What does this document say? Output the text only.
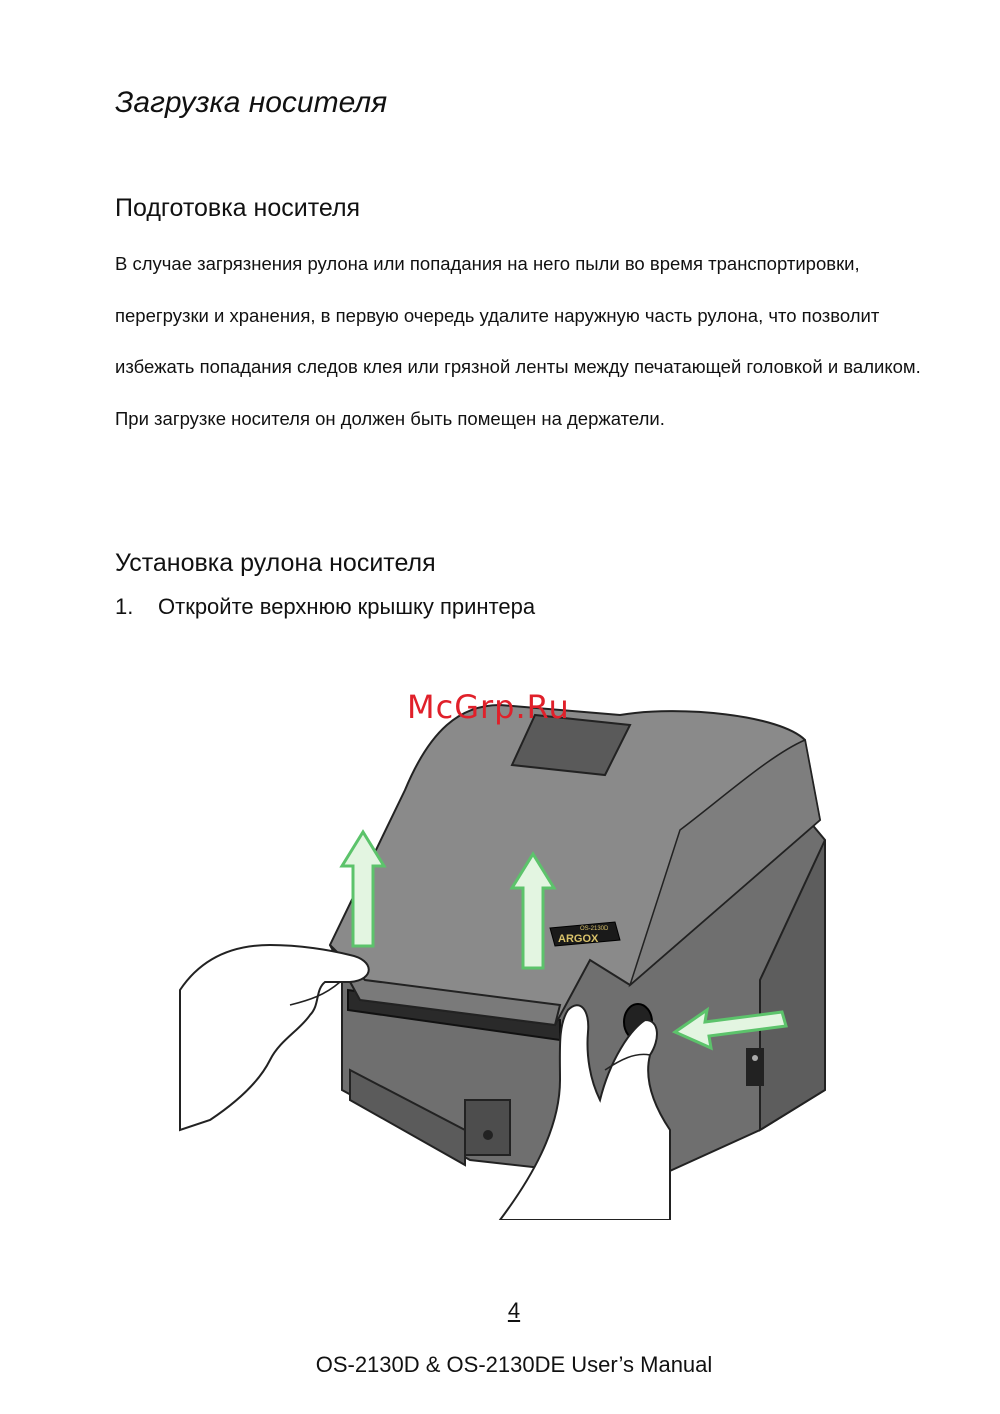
Загрузка носителя
Подготовка носителя

В случае загрязнения рулона или попадания на него пыли во время транспортировки, перегрузки и хранения, в первую очередь удалите наружную часть рулона, что позволит избежать попадания следов клея или грязной ленты между печатающей головкой и валиком. При загрузке носителя он должен быть помещен на держатели.

Установка рулона носителя

1. Откройте верхнюю крышку принтера

ARGOX
OS-2130D
McGrp.Ru
4
OS-2130D & OS-2130DE User’s Manual
